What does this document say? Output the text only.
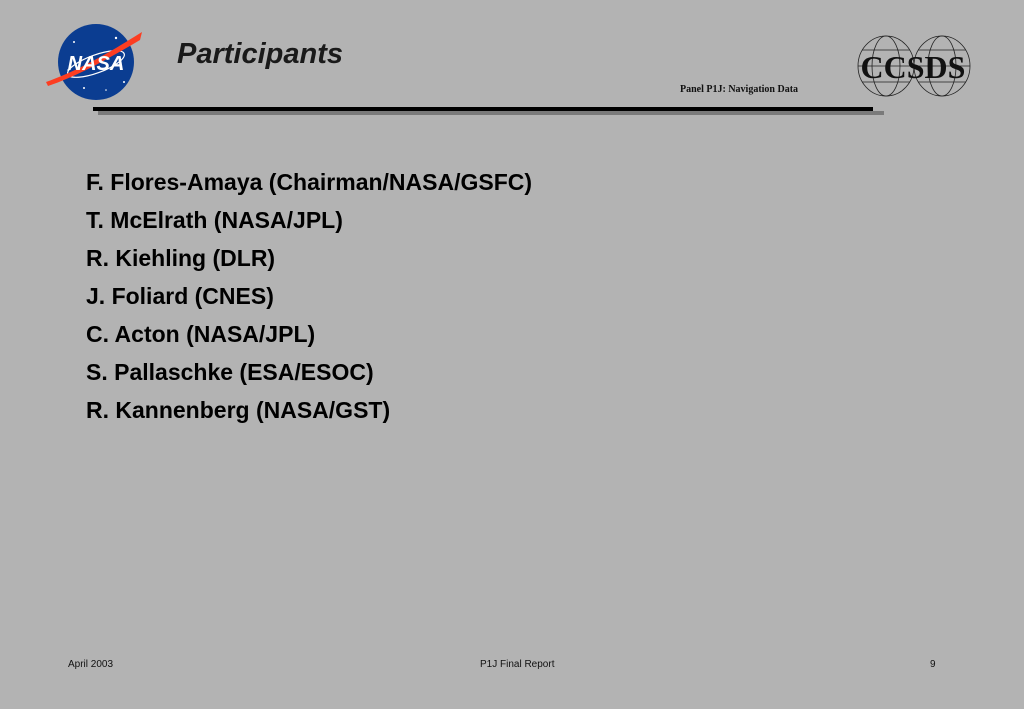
NASA Participants
Panel P1J: Navigation Data
CCSDS
F. Flores-Amaya (Chairman/NASA/GSFC)
T. McElrath (NASA/JPL)
R. Kiehling (DLR)
J. Foliard (CNES)
C. Acton (NASA/JPL)
S. Pallaschke (ESA/ESOC)
R. Kannenberg (NASA/GST)
April 2003	P1J Final Report	9
